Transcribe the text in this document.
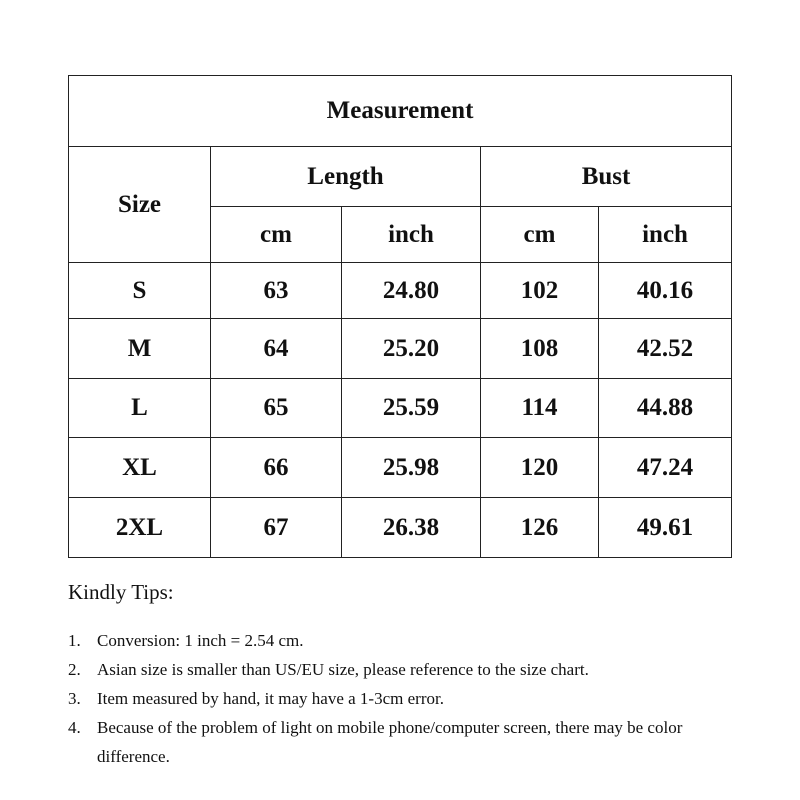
Measurement				
Size	Length		Bust	
	cm	inch	cm	inch
S	63	24.80	102	40.16
M	64	25.20	108	42.52
L	65	25.59	114	44.88
XL	66	25.98	120	47.24
2XL	67	26.38	126	49.61
Kindly Tips:
1. Conversion: 1 inch = 2.54 cm.
2. Asian size is smaller than US/EU size, please reference to the size chart.
3. Item measured by hand, it may have a 1-3cm error.
4. Because of the problem of light on mobile phone/computer screen, there may be color difference.
